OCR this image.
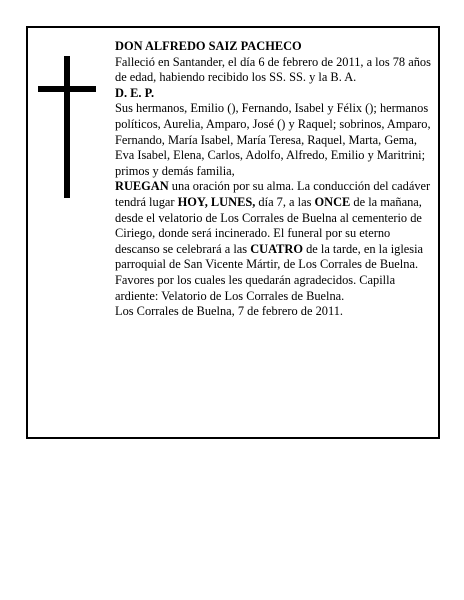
DON ALFREDO SAIZ PACHECO

Falleció en Santander, el día 6 de febrero de 2011, a los 78 años de edad, habiendo recibido los SS. SS. y la B. A.

D. E. P.

Sus hermanos, Emilio (), Fernando, Isabel y Félix (); hermanos políticos, Aurelia, Amparo, José () y Raquel; sobrinos, Amparo, Fernando, María Isabel, María Teresa, Raquel, Marta, Gema, Eva Isabel, Elena, Carlos, Adolfo, Alfredo, Emilio y Maritrini; primos y demás familia,

RUEGAN una oración por su alma. La conducción del cadáver tendrá lugar HOY, LUNES, día 7, a las ONCE de la mañana, desde el velatorio de Los Corrales de Buelna al cementerio de Ciriego, donde será incinerado. El funeral por su eterno descanso se celebrará a las CUATRO de la tarde, en la iglesia parroquial de San Vicente Mártir, de Los Corrales de Buelna. Favores por los cuales les quedarán agradecidos. Capilla ardiente: Velatorio de Los Corrales de Buelna.

Los Corrales de Buelna, 7 de febrero de 2011.
